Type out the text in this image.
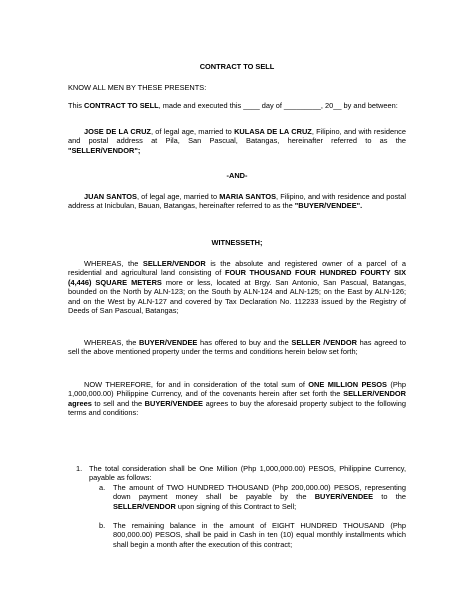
CONTRACT TO SELL

KNOW ALL MEN BY THESE PRESENTS:

This CONTRACT TO SELL, made and executed this ____ day of _________, 20__ by and between:

JOSE DE LA CRUZ, of legal age, married to KULASA DE LA CRUZ, Filipino, and with residence and postal address at Pila, San Pascual, Batangas, hereinafter referred to as the "SELLER/VENDOR";

-AND-

JUAN SANTOS, of legal age, married to MARIA SANTOS, Filipino, and with residence and postal address at Inicbulan, Bauan, Batangas, hereinafter referred to as the "BUYER/VENDEE".

WITNESSETH;

WHEREAS, the SELLER/VENDOR is the absolute and registered owner of a parcel of a residential and agricultural land consisting of FOUR THOUSAND FOUR HUNDRED FOURTY SIX (4,446) SQUARE METERS more or less, located at Brgy. San Antonio, San Pascual, Batangas, bounded on the North by ALN-123; on the South by ALN-124 and ALN-125; on the East by ALN-126; and on the West by ALN-127 and covered by Tax Declaration No. 112233 issued by the Registry of Deeds of San Pascual, Batangas;

WHEREAS, the BUYER/VENDEE has offered to buy and the SELLER /VENDOR has agreed to sell the above mentioned property under the terms and conditions herein below set forth;

NOW THEREFORE, for and in consideration of the total sum of ONE MILLION PESOS (Php 1,000,000.00) Philippine Currency, and of the covenants herein after set forth the SELLER/VENDOR agrees to sell and the BUYER/VENDEE agrees to buy the aforesaid property subject to the following terms and conditions:

1. The total consideration shall be One Million (Php 1,000,000.00) PESOS, Philippine Currency, payable as follows:

a. The amount of TWO HUNDRED THOUSAND (Php 200,000.00) PESOS, representing down payment money shall be payable by the BUYER/VENDEE to the SELLER/VENDOR upon signing of this Contract to Sell;

b. The remaining balance in the amount of EIGHT HUNDRED THOUSAND (Php 800,000.00) PESOS, shall be paid in Cash in ten (10) equal monthly installments which shall begin a month after the execution of this contract;
